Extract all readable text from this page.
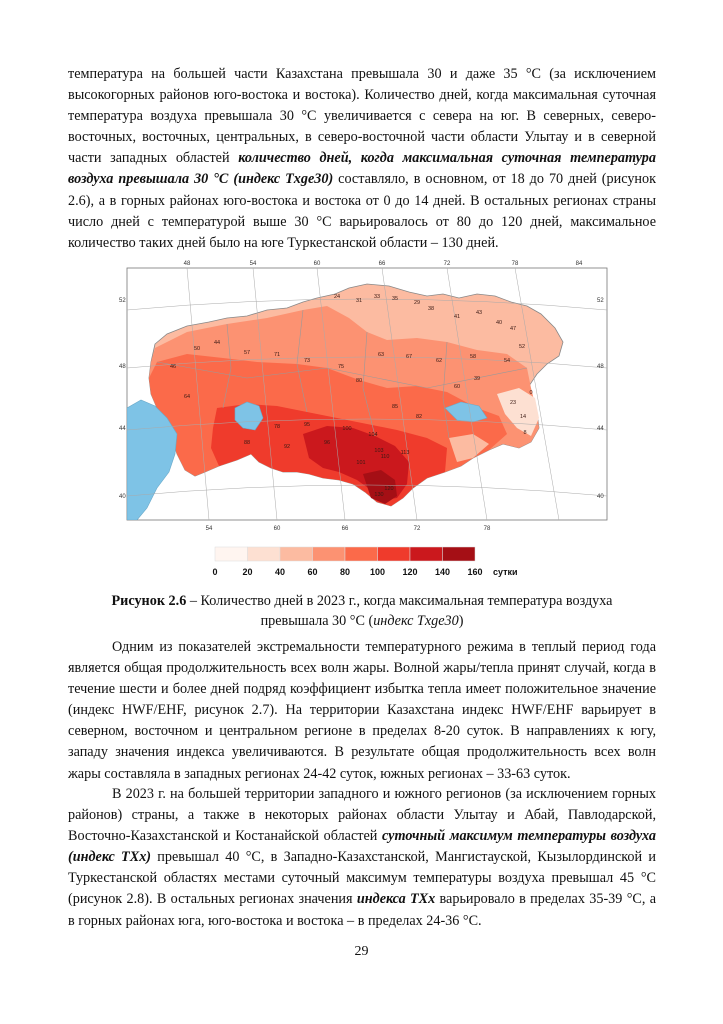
температура на большей части Казахстана превышала 30 и даже 35 °С (за исключением высокогорных районов юго-востока и востока). Количество дней, когда максимальная суточная температура воздуха превышала 30 °С увеличивается с севера на юг. В северных, северо-восточных, восточных, центральных, в северо-восточной части области Улытау и в северной части западных областей количество дней, когда максимальная суточная температура воздуха превышала 30 °С (индекс Txge30) составляло, в основном, от 18 до 70 дней (рисунок 2.6), а в горных районах юго-востока и востока от 0 до 14 дней. В остальных регионах страны число дней с температурой выше 30 °С варьировалось от 80 до 120 дней, максимальное количество таких дней было на юге Туркестанской области – 130 дней.

48	54	60	66	72	78	84
54	60	66	72	78
52
48
44
40
52
48
44
40
24
31
33 35
29
38
41
43
40
47
52
54
58
62
67
63
44
50
46
57	71
73
75
80
85
82
88
92
96
100
104
110
113
101
103
120
130
23
14
8
0
60
39
64
78	95
0	20 40 60 80 100 120 140 160 сутки
Рисунок 2.6 – Количество дней в 2023 г., когда максимальная температура воздуха
превышала 30 °С (индекс Txge30)

Одним из показателей экстремальности температурного режима в теплый период года является общая продолжительность всех волн жары. Волной жары/тепла принят случай, когда в течение шести и более дней подряд коэффициент избытка тепла имеет положительное значение (индекс HWF/EHF, рисунок 2.7). На территории Казахстана индекс HWF/EHF варьирует в северном, восточном и центральном регионе в пределах 8-20 суток. В направлениях к югу, западу значения индекса увеличиваются. В результате общая продолжительность всех волн жары составляла в западных регионах 24-42 суток, южных регионах – 33-63 суток.

В 2023 г. на большей территории западного и южного регионов (за исключением горных районов) страны, а также в некоторых районах области Улытау и Абай, Павлодарской, Восточно-Казахстанской и Костанайской областей суточный максимум температуры воздуха (индекс TXx) превышал 40 °С, в Западно-Казахстанской, Мангистауской, Кызылординской и Туркестанской областях местами суточный максимум температуры воздуха превышал 45 °С (рисунок 2.8). В остальных регионах значения индекса TXx варьировало в пределах 35-39 °С, а в горных районах юга, юго-востока и востока – в пределах 24-36 °С.

29
